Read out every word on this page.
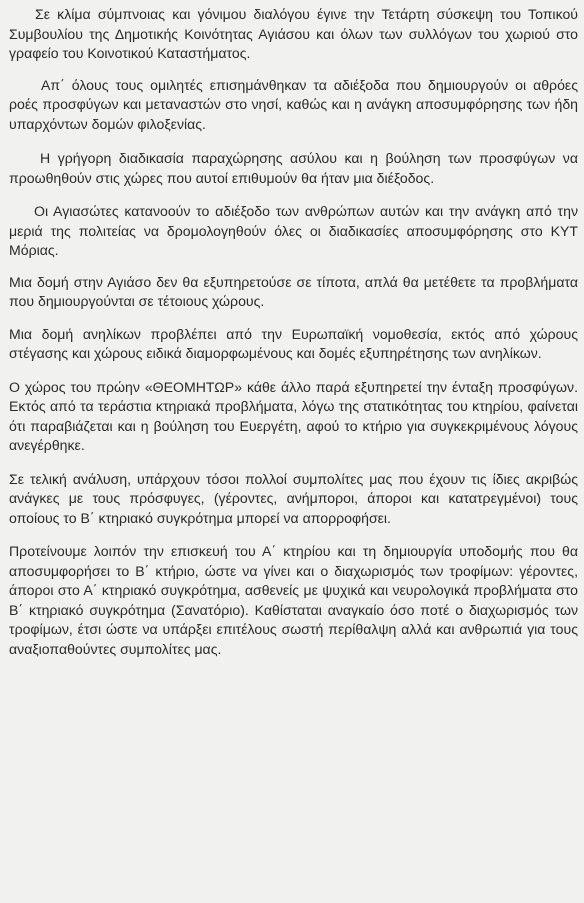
Σε κλίμα σύμπνοιας και γόνιμου διαλόγου έγινε την Τετάρτη σύσκεψη του Τοπικού Συμβουλίου της Δημοτικής Κοινότητας Αγιάσου και όλων των συλλόγων του χωριού στο γραφείο του Κοινοτικού Καταστήματος.

Απ΄ όλους τους ομιλητές επισημάνθηκαν τα αδιέξοδα που δημιουργούν οι αθρόες ροές προσφύγων και μεταναστών στο νησί, καθώς και η ανάγκη αποσυμφόρησης των ήδη υπαρχόντων δομών φιλοξενίας.

Η γρήγορη διαδικασία παραχώρησης ασύλου και η βούληση των προσφύγων να προωθηθούν στις χώρες που αυτοί επιθυμούν θα ήταν μια διέξοδος.

Οι Αγιασώτες κατανοούν το αδιέξοδο των ανθρώπων αυτών και την ανάγκη από την μεριά της πολιτείας να δρομολογηθούν όλες οι διαδικασίες αποσυμφόρησης στο ΚΥΤ Μόριας.

Μια δομή στην Αγιάσο δεν θα εξυπηρετούσε σε τίποτα, απλά θα μετέθετε τα προβλήματα που δημιουργούνται σε τέτοιους χώρους.

Μια δομή ανηλίκων προβλέπει από την Ευρωπαϊκή νομοθεσία, εκτός από χώρους στέγασης και χώρους ειδικά διαμορφωμένους και δομές εξυπηρέτησης των ανηλίκων.

Ο χώρος του πρώην «ΘΕΟΜΗΤΩΡ» κάθε άλλο παρά εξυπηρετεί την ένταξη προσφύγων. Εκτός από τα τεράστια κτηριακά προβλήματα, λόγω της στατικότητας του κτηρίου, φαίνεται ότι παραβιάζεται και η βούληση του Ευεργέτη, αφού το κτήριο για συγκεκριμένους λόγους ανεγέρθηκε.

Σε τελική ανάλυση, υπάρχουν τόσοι πολλοί συμπολίτες μας που έχουν τις ίδιες ακριβώς ανάγκες με τους πρόσφυγες, (γέροντες, ανήμποροι, άποροι και κατατρεγμένοι) τους οποίους το Β΄ κτηριακό συγκρότημα μπορεί να απορροφήσει.

Προτείνουμε λοιπόν την επισκευή του Α΄ κτηρίου και τη δημιουργία υποδομής που θα αποσυμφορήσει το Β΄ κτήριο, ώστε να γίνει και ο διαχωρισμός των τροφίμων: γέροντες, άποροι στο Α΄ κτηριακό συγκρότημα, ασθενείς με ψυχικά και νευρολογικά προβλήματα στο Β΄ κτηριακό συγκρότημα (Σανατόριο). Καθίσταται αναγκαίο όσο ποτέ ο διαχωρισμός των τροφίμων, έτσι ώστε να υπάρξει επιτέλους σωστή περίθαλψη αλλά και ανθρωπιά για τους αναξιοπαθούντες συμπολίτες μας.
